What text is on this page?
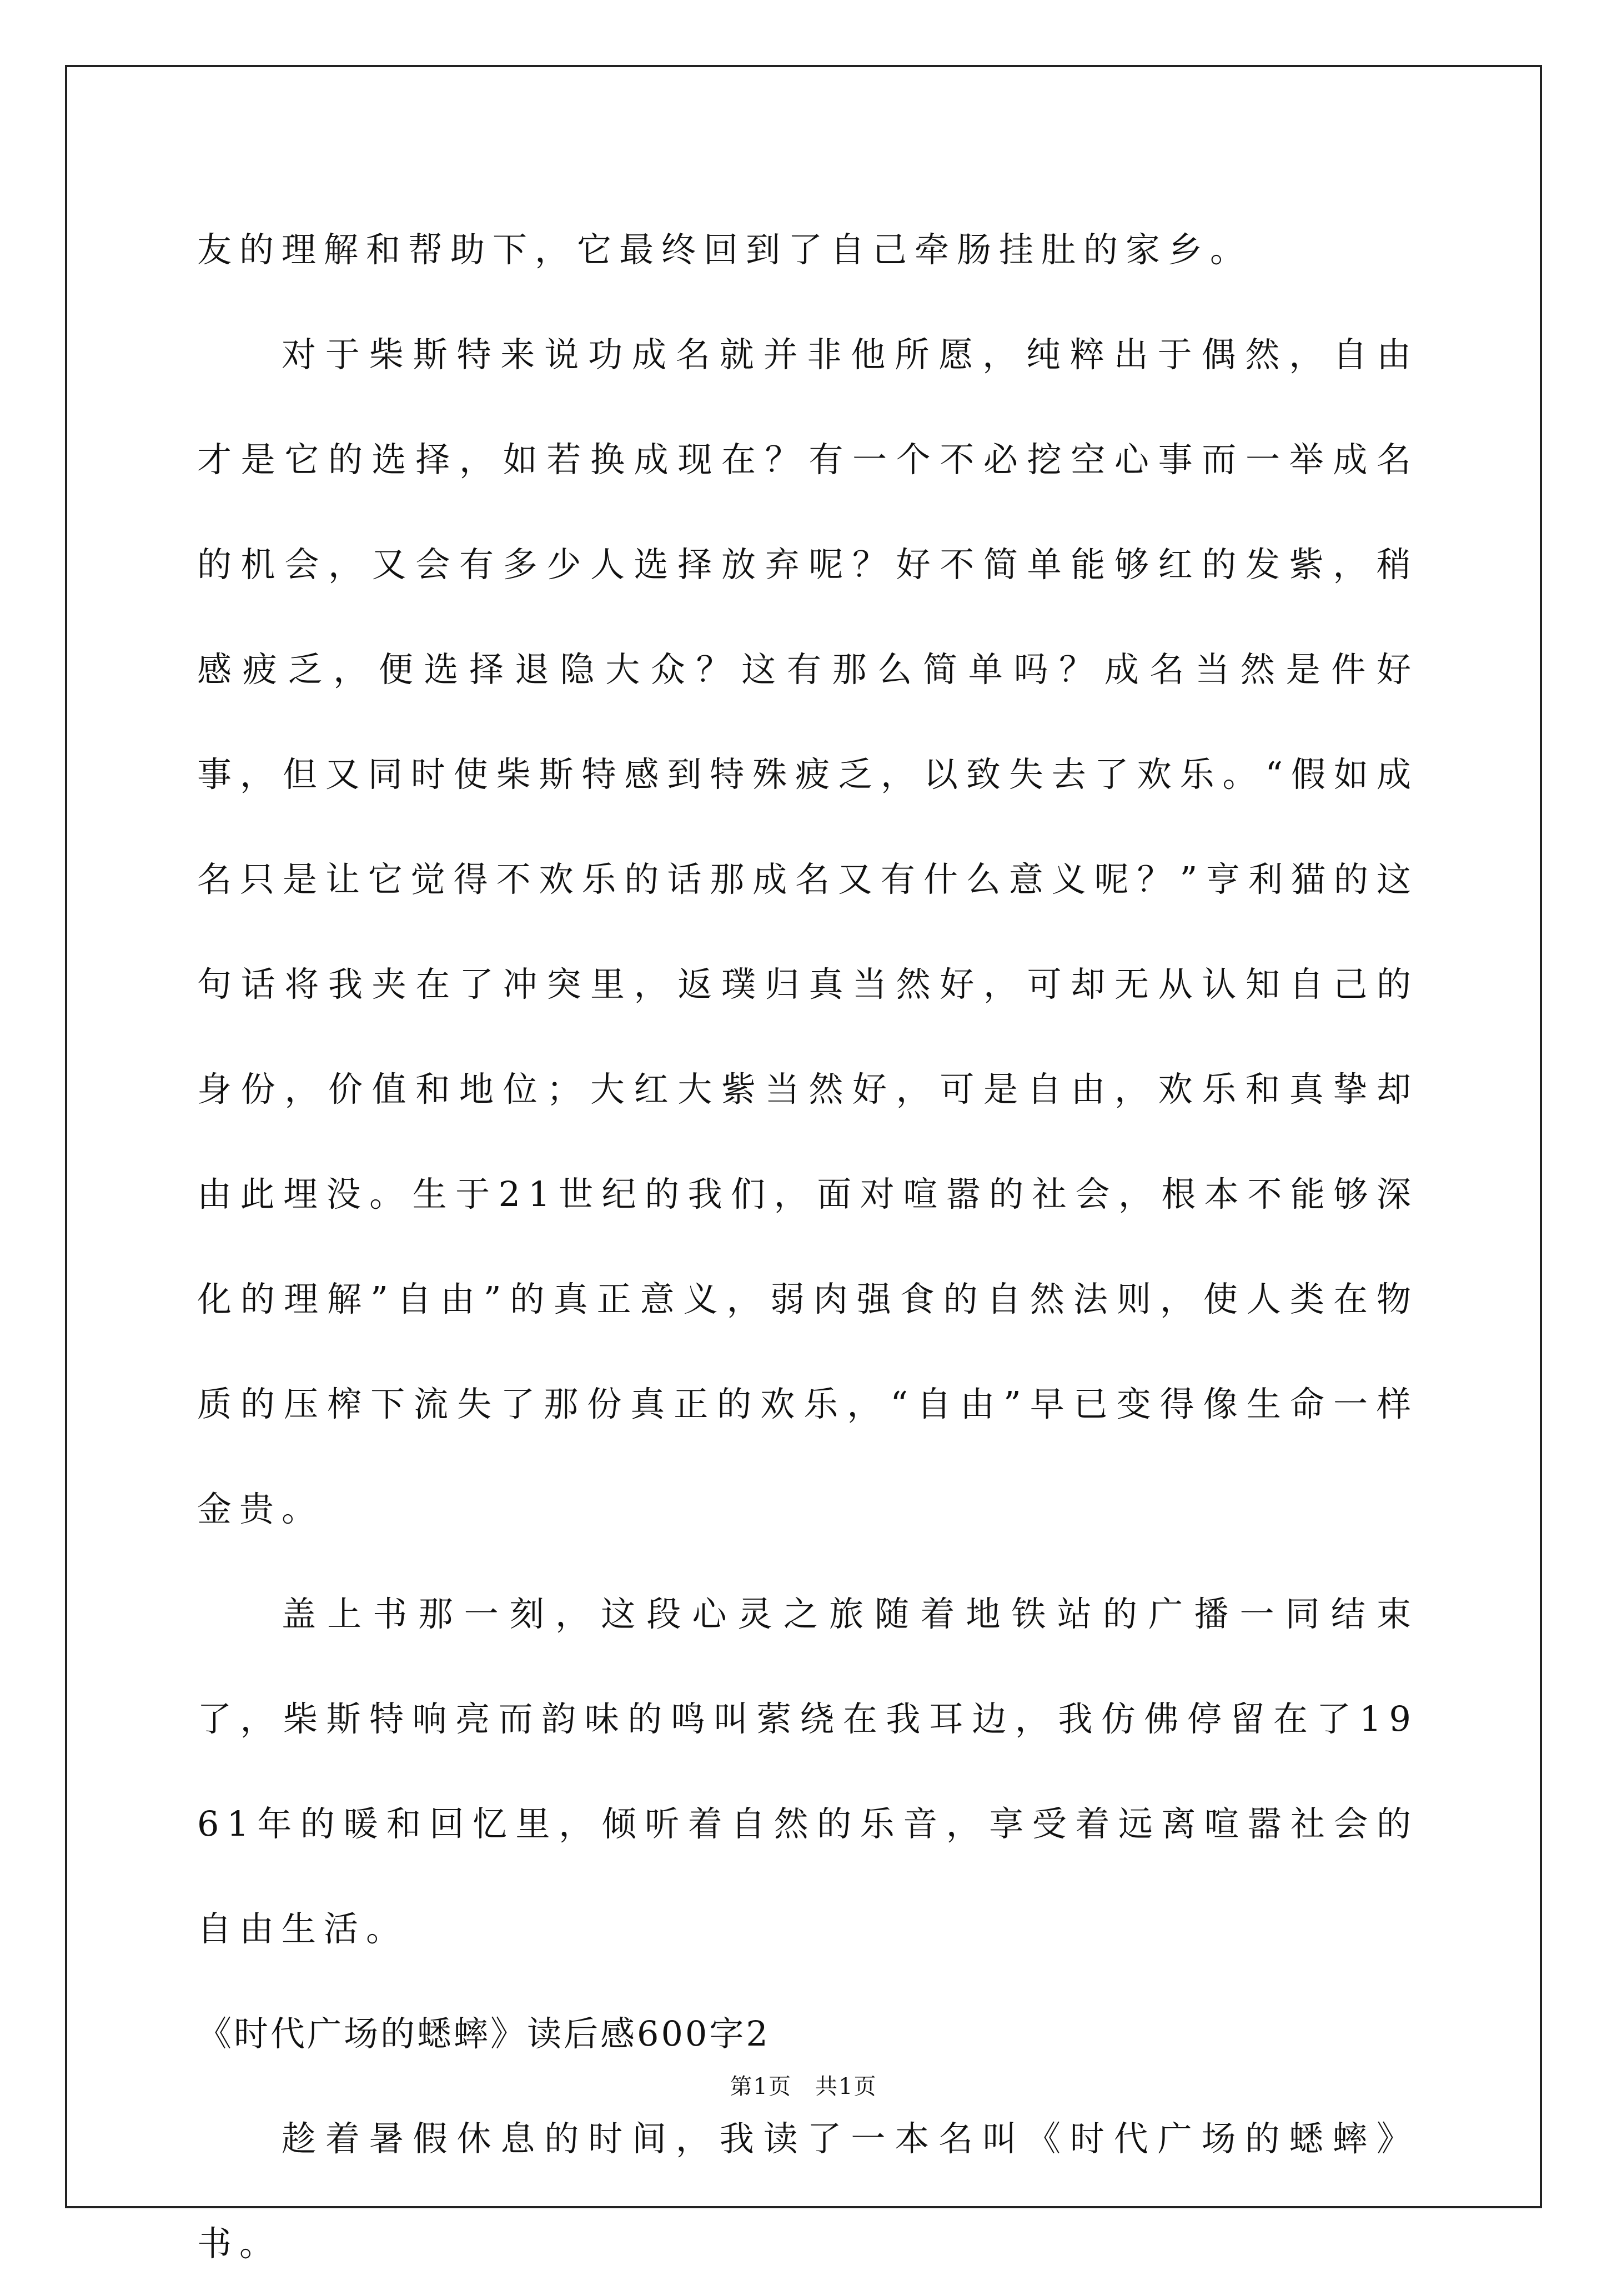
友的理解和帮助下，它最终回到了自己牵肠挂肚的家乡。

对于柴斯特来说功成名就并非他所愿，纯粹出于偶然，自由才是它的选择，如若换成现在？有一个不必挖空心事而一举成名的机会，又会有多少人选择放弃呢？好不简单能够红的发紫，稍感疲乏，便选择退隐大众？这有那么简单吗？成名当然是件好事，但又同时使柴斯特感到特殊疲乏，以致失去了欢乐。“假如成名只是让它觉得不欢乐的话那成名又有什么意义呢？”亨利猫的这句话将我夹在了冲突里，返璞归真当然好，可却无从认知自己的身份，价值和地位；大红大紫当然好，可是自由，欢乐和真挚却由此埋没。生于21世纪的我们，面对喧嚣的社会，根本不能够深化的理解”自由”的真正意义，弱肉强食的自然法则，使人类在物质的压榨下流失了那份真正的欢乐，“自由”早已变得像生命一样金贵。

盖上书那一刻，这段心灵之旅随着地铁站的广播一同结束了，柴斯特响亮而韵味的鸣叫萦绕在我耳边，我仿佛停留在了1961年的暖和回忆里，倾听着自然的乐音，享受着远离喧嚣社会的自由生活。

《时代广场的蟋蟀》读后感600字2

趁着暑假休息的时间，我读了一本名叫《时代广场的蟋蟀》书。

第1页　共1页
